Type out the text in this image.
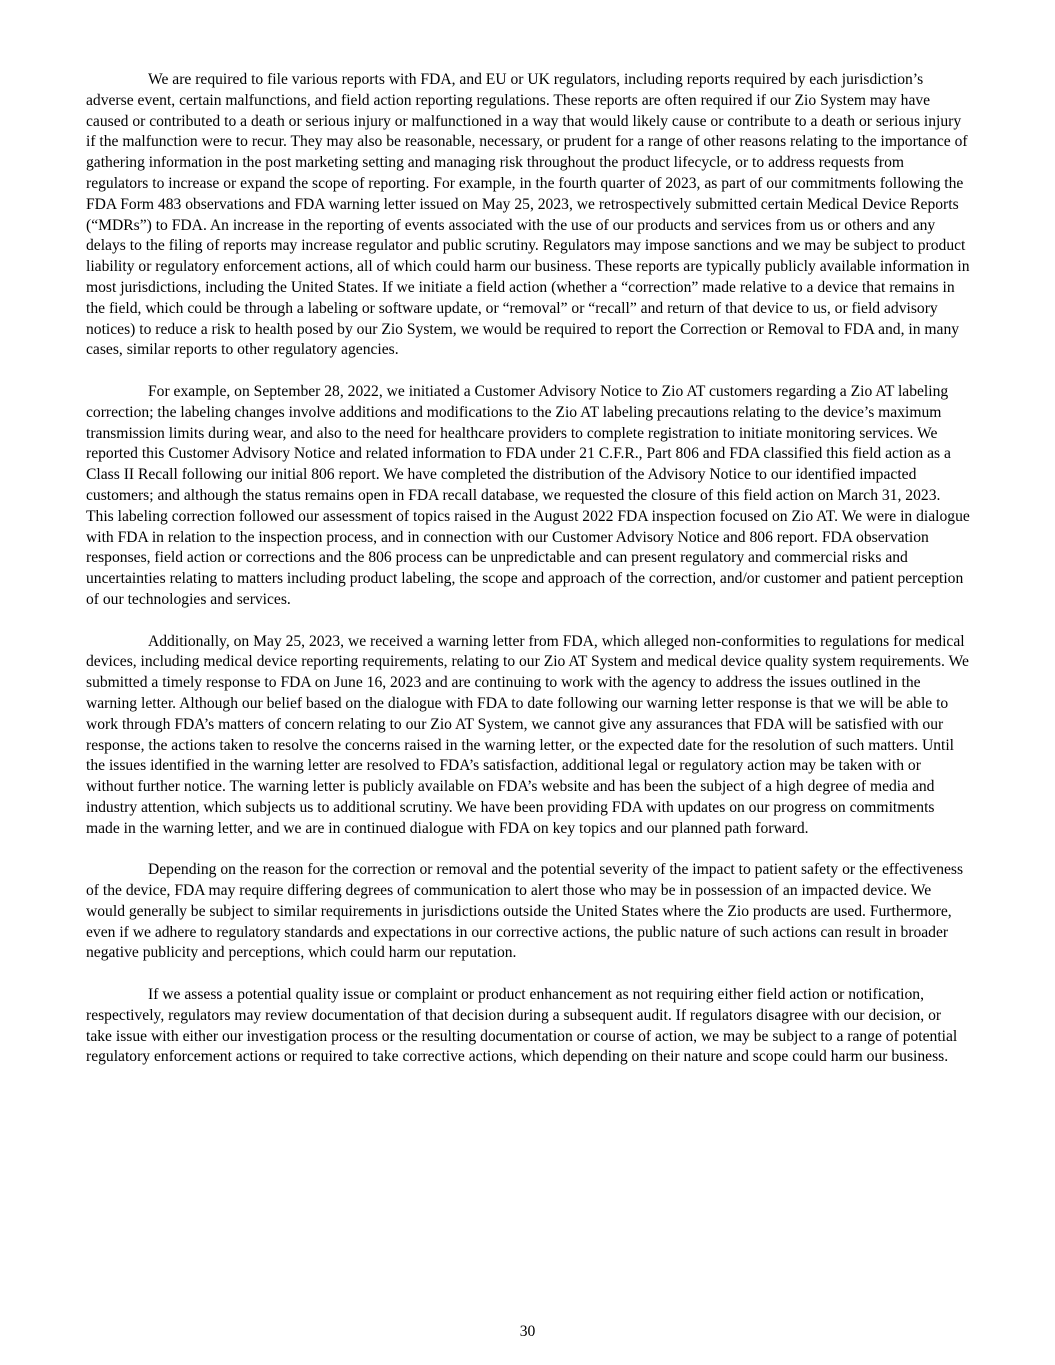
We are required to file various reports with FDA, and EU or UK regulators, including reports required by each jurisdiction’s adverse event, certain malfunctions, and field action reporting regulations. These reports are often required if our Zio System may have caused or contributed to a death or serious injury or malfunctioned in a way that would likely cause or contribute to a death or serious injury if the malfunction were to recur. They may also be reasonable, necessary, or prudent for a range of other reasons relating to the importance of gathering information in the post marketing setting and managing risk throughout the product lifecycle, or to address requests from regulators to increase or expand the scope of reporting. For example, in the fourth quarter of 2023, as part of our commitments following the FDA Form 483 observations and FDA warning letter issued on May 25, 2023, we retrospectively submitted certain Medical Device Reports (“MDRs”) to FDA. An increase in the reporting of events associated with the use of our products and services from us or others and any delays to the filing of reports may increase regulator and public scrutiny. Regulators may impose sanctions and we may be subject to product liability or regulatory enforcement actions, all of which could harm our business. These reports are typically publicly available information in most jurisdictions, including the United States. If we initiate a field action (whether a “correction” made relative to a device that remains in the field, which could be through a labeling or software update, or “removal” or “recall” and return of that device to us, or field advisory notices) to reduce a risk to health posed by our Zio System, we would be required to report the Correction or Removal to FDA and, in many cases, similar reports to other regulatory agencies.

For example, on September 28, 2022, we initiated a Customer Advisory Notice to Zio AT customers regarding a Zio AT labeling correction; the labeling changes involve additions and modifications to the Zio AT labeling precautions relating to the device’s maximum transmission limits during wear, and also to the need for healthcare providers to complete registration to initiate monitoring services. We reported this Customer Advisory Notice and related information to FDA under 21 C.F.R., Part 806 and FDA classified this field action as a Class II Recall following our initial 806 report. We have completed the distribution of the Advisory Notice to our identified impacted customers; and although the status remains open in FDA recall database, we requested the closure of this field action on March 31, 2023. This labeling correction followed our assessment of topics raised in the August 2022 FDA inspection focused on Zio AT. We were in dialogue with FDA in relation to the inspection process, and in connection with our Customer Advisory Notice and 806 report. FDA observation responses, field action or corrections and the 806 process can be unpredictable and can present regulatory and commercial risks and uncertainties relating to matters including product labeling, the scope and approach of the correction, and/or customer and patient perception of our technologies and services.

Additionally, on May 25, 2023, we received a warning letter from FDA, which alleged non-conformities to regulations for medical devices, including medical device reporting requirements, relating to our Zio AT System and medical device quality system requirements. We submitted a timely response to FDA on June 16, 2023 and are continuing to work with the agency to address the issues outlined in the warning letter. Although our belief based on the dialogue with FDA to date following our warning letter response is that we will be able to work through FDA’s matters of concern relating to our Zio AT System, we cannot give any assurances that FDA will be satisfied with our response, the actions taken to resolve the concerns raised in the warning letter, or the expected date for the resolution of such matters. Until the issues identified in the warning letter are resolved to FDA’s satisfaction, additional legal or regulatory action may be taken with or without further notice. The warning letter is publicly available on FDA’s website and has been the subject of a high degree of media and industry attention, which subjects us to additional scrutiny. We have been providing FDA with updates on our progress on commitments made in the warning letter, and we are in continued dialogue with FDA on key topics and our planned path forward.

Depending on the reason for the correction or removal and the potential severity of the impact to patient safety or the effectiveness of the device, FDA may require differing degrees of communication to alert those who may be in possession of an impacted device. We would generally be subject to similar requirements in jurisdictions outside the United States where the Zio products are used. Furthermore, even if we adhere to regulatory standards and expectations in our corrective actions, the public nature of such actions can result in broader negative publicity and perceptions, which could harm our reputation.

If we assess a potential quality issue or complaint or product enhancement as not requiring either field action or notification, respectively, regulators may review documentation of that decision during a subsequent audit. If regulators disagree with our decision, or take issue with either our investigation process or the resulting documentation or course of action, we may be subject to a range of potential regulatory enforcement actions or required to take corrective actions, which depending on their nature and scope could harm our business.

30
